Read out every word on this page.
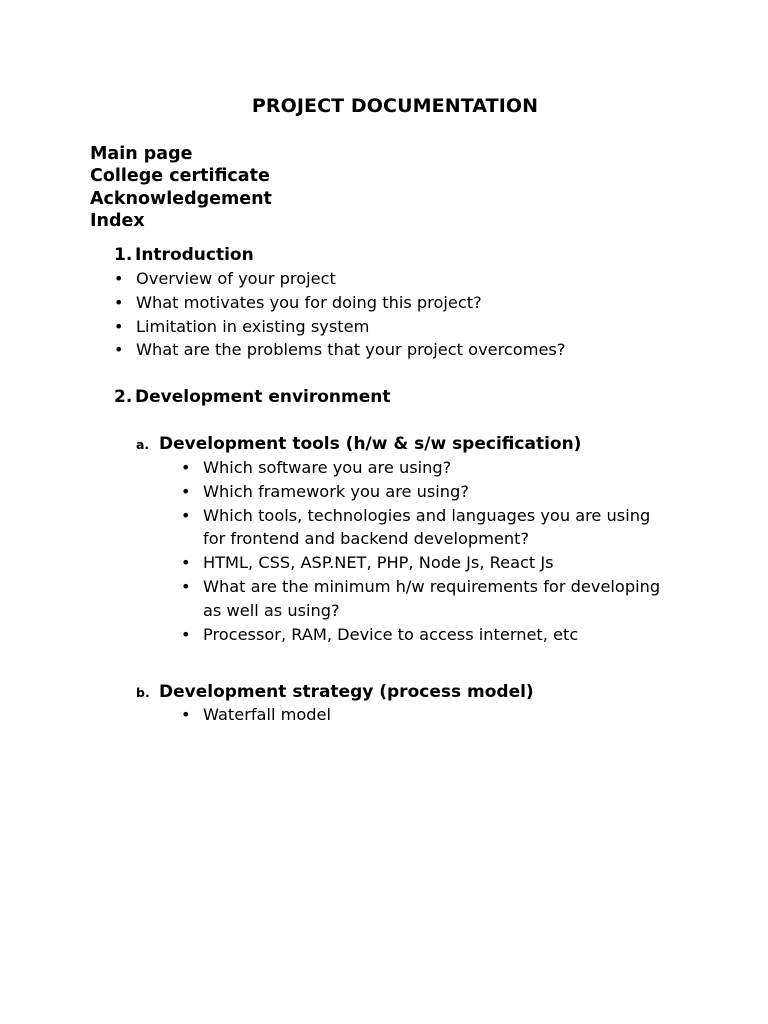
PROJECT DOCUMENTATION
Main page
College certificate
Acknowledgement
Index
1. Introduction
• Overview of your project
• What motivates you for doing this project?
• Limitation in existing system
• What are the problems that your project overcomes?
2. Development environment
a. Development tools (h/w & s/w specification)
• Which software you are using?
• Which framework you are using?
• Which tools, technologies and languages you are using for frontend and backend development?
• HTML, CSS, ASP.NET, PHP, Node Js, React Js
• What are the minimum h/w requirements for developing as well as using?
• Processor, RAM, Device to access internet, etc
b. Development strategy (process model)
• Waterfall model
